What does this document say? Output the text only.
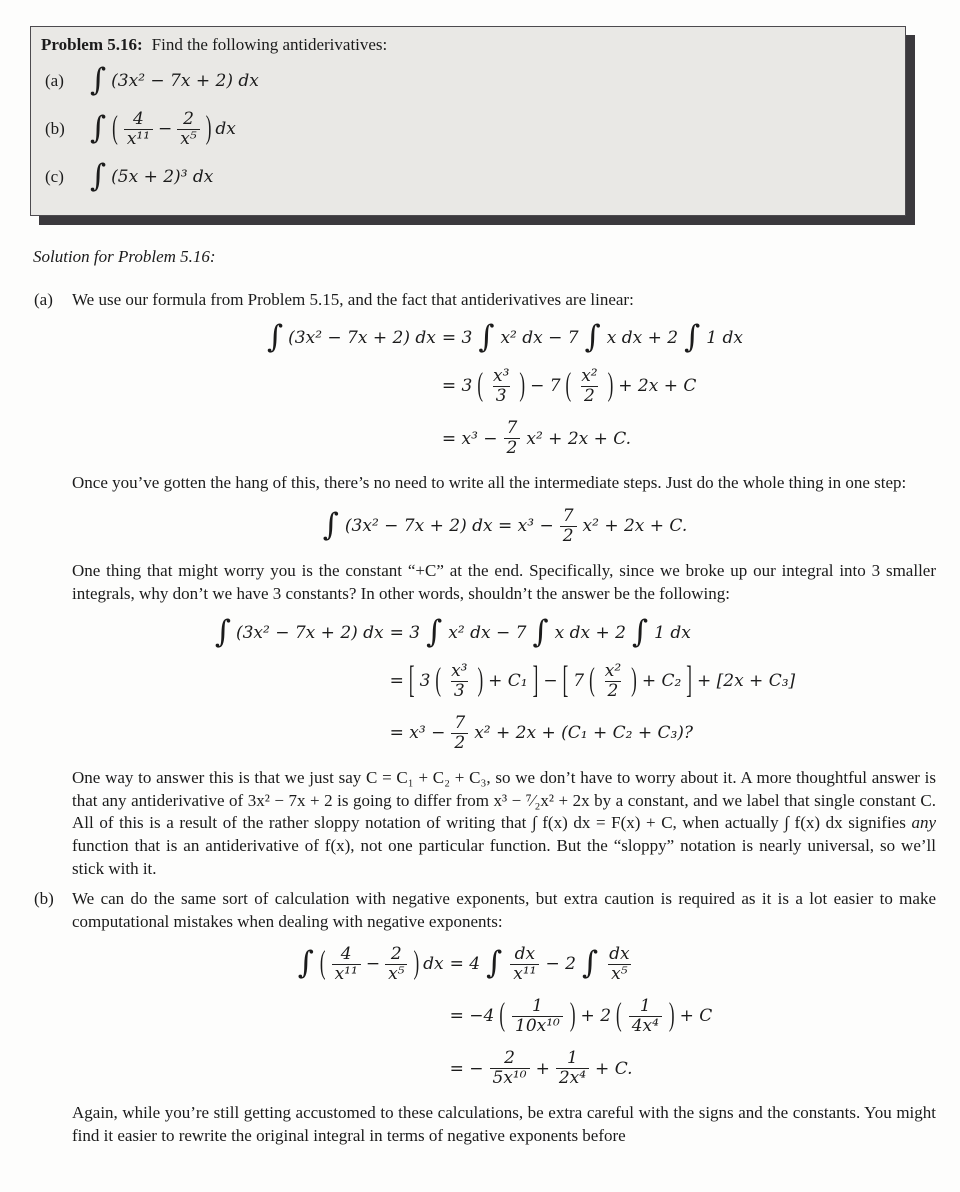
Problem 5.16: Find the following antiderivatives:

(a) ∫ (3x² − 7x + 2) dx
(b) ∫ ( $\frac{4}{\text{x¹¹}} - \frac{2}{\text{x⁵}}$ ) dx
(c) ∫ (5x + 2)³ dx

Solution for Problem 5.16:

(a)	We use our formula from Problem 5.15, and the fact that antiderivatives are linear:

∫ (3x² − 7x + 2) dx = 3 ∫ x² dx − 7 ∫ x dx + 2 ∫ 1 dx
= 3 ( $\frac{\text{x³}}{3}$ ) − 7 ( $\frac{\text{x²}}{2}$ ) + 2x + C
= $x^3 - \frac{7}{2} x^2 + 2x + C$.

Once you’ve gotten the hang of this, there’s no need to write all the intermediate steps. Just do the whole thing in one step:

∫ (3x² − 7x + 2) dx = $x^3 - \frac{7}{2} x^2 + 2x + C$.

One thing that might worry you is the constant “+C” at the end. Specifically, since we broke up our integral into 3 smaller integrals, why don’t we have 3 constants? In other words, shouldn’t the answer be the following:

∫ (3x² − 7x + 2) dx = 3 ∫ x² dx − 7 ∫ x dx + 2 ∫ 1 dx
= [ 3 ( $\frac{\text{x³}}{3}$ ) + C₁ ] − [ 7 ( $\frac{\text{x²}}{2}$ ) + C₂ ] + [2x + C₃]
= $x^3 - \frac{7}{2} x^2 + 2x + (C_1 + C_2 + C_3)$?

One way to answer this is that we just say C = C₁ + C₂ + C₃, so we don’t have to worry about it. A more thoughtful answer is that any antiderivative of 3x² − 7x + 2 is going to differ from x³ − ⁷⁄₂x² + 2x by a constant, and we label that single constant C. All of this is a result of the rather sloppy notation of writing that ∫ f(x) dx = F(x) + C, when actually ∫ f(x) dx signifies any function that is an antiderivative of f(x), not one particular function. But the “sloppy” notation is nearly universal, so we’ll stick with it.

(b)	We can do the same sort of calculation with negative exponents, but extra caution is required as it is a lot easier to make computational mistakes when dealing with negative exponents:

∫ ( $\frac{4}{\text{x¹¹}} - \frac{2}{\text{x⁵}}$ ) dx = 4 ∫ $\frac{dx}{\text{x¹¹}} - 2$ ∫ $\frac{dx}{\text{x⁵}}$
= −4 ( $\frac{1}{\text{10x¹⁰}}$ ) + 2 ( $\frac{1}{\text{4x⁴}}$ ) + C
= − $\frac{2}{\text{5x¹⁰}} + \frac{1}{\text{2x⁴}} + C$.

Again, while you’re still getting accustomed to these calculations, be extra careful with the signs and the constants. You might find it easier to rewrite the original integral in terms of negative exponents before
